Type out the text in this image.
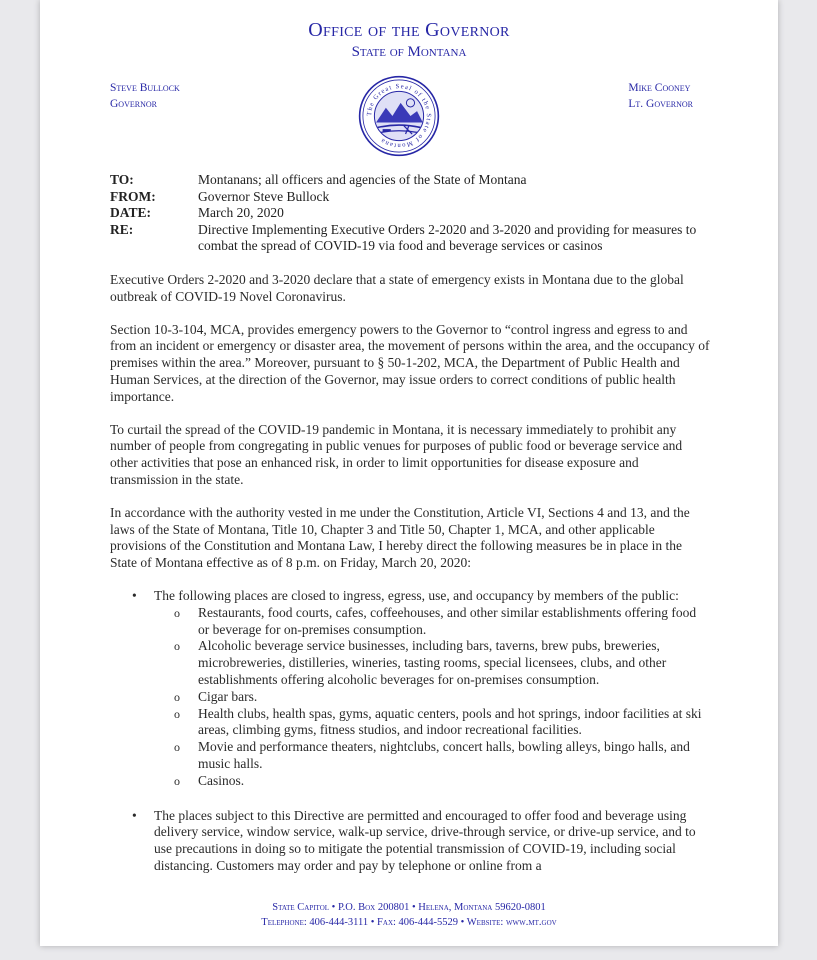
Office of the Governor
State of Montana
Steve Bullock
Governor
Mike Cooney
Lt. Governor
The Great Seal of the State of Montana
TO:	Montanans; all officers and agencies of the State of Montana
FROM:	Governor Steve Bullock
DATE:	March 20, 2020
RE:	Directive Implementing Executive Orders 2-2020 and 3-2020 and providing for measures to combat the spread of COVID-19 via food and beverage services or casinos

Executive Orders 2-2020 and 3-2020 declare that a state of emergency exists in Montana due to the global outbreak of COVID-19 Novel Coronavirus.

Section 10-3-104, MCA, provides emergency powers to the Governor to “control ingress and egress to and from an incident or emergency or disaster area, the movement of persons within the area, and the occupancy of premises within the area.” Moreover, pursuant to § 50-1-202, MCA, the Department of Public Health and Human Services, at the direction of the Governor, may issue orders to correct conditions of public health importance.

To curtail the spread of the COVID-19 pandemic in Montana, it is necessary immediately to prohibit any number of people from congregating in public venues for purposes of public food or beverage service and other activities that pose an enhanced risk, in order to limit opportunities for disease exposure and transmission in the state.

In accordance with the authority vested in me under the Constitution, Article VI, Sections 4 and 13, and the laws of the State of Montana, Title 10, Chapter 3 and Title 50, Chapter 1, MCA, and other applicable provisions of the Constitution and Montana Law, I hereby direct the following measures be in place in the State of Montana effective as of 8 p.m. on Friday, March 20, 2020:

• The following places are closed to ingress, egress, use, and occupancy by members of the public:
o Restaurants, food courts, cafes, coffeehouses, and other similar establishments offering food or beverage for on-premises consumption.
o Alcoholic beverage service businesses, including bars, taverns, brew pubs, breweries, microbreweries, distilleries, wineries, tasting rooms, special licensees, clubs, and other establishments offering alcoholic beverages for on-premises consumption.
o Cigar bars.
o Health clubs, health spas, gyms, aquatic centers, pools and hot springs, indoor facilities at ski areas, climbing gyms, fitness studios, and indoor recreational facilities.
o Movie and performance theaters, nightclubs, concert halls, bowling alleys, bingo halls, and music halls.
o Casinos.
• The places subject to this Directive are permitted and encouraged to offer food and beverage using delivery service, window service, walk-up service, drive-through service, or drive-up service, and to use precautions in doing so to mitigate the potential transmission of COVID-19, including social distancing. Customers may order and pay by telephone or online from a
State Capitol • P.O. Box 200801 • Helena, Montana 59620-0801
Telephone: 406-444-3111 • Fax: 406-444-5529 • Website: www.mt.gov
